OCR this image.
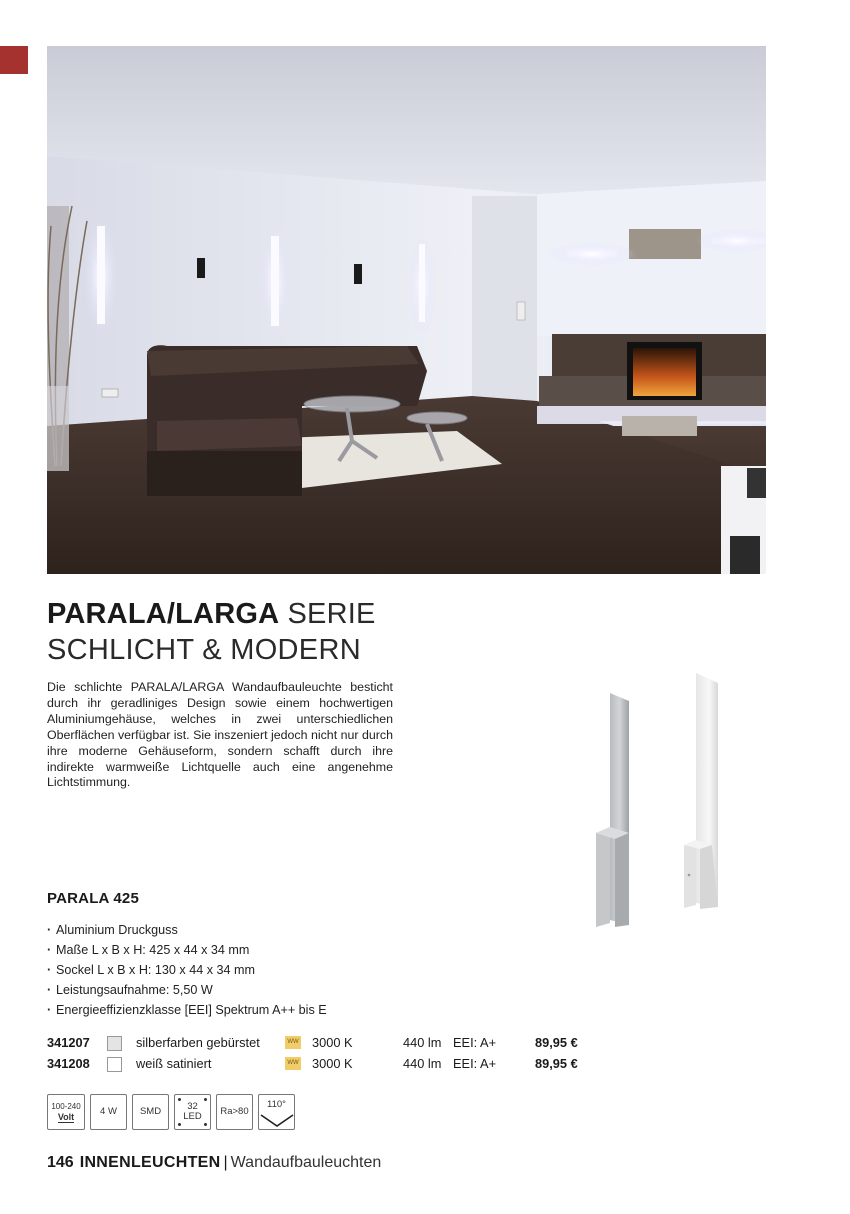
PARALA/LARGA SERIE
SCHLICHT & MODERN

Die schlichte PARALA/LARGA Wandaufbauleuchte besticht durch ihr geradliniges Design sowie einem hochwertigen Aluminiumgehäuse, welches in zwei unterschiedlichen Oberflächen verfügbar ist. Sie inszeniert jedoch nicht nur durch ihre moderne Gehäuseform, sondern schafft durch ihre indirekte warmweiße Lichtquelle auch eine angenehme Lichtstimmung.

PARALA 425
· Aluminium Druckguss
· Maße L x B x H: 425 x 44 x 34 mm
· Sockel L x B x H: 130 x 44 x 34 mm
· Leistungsaufnahme: 5,50 W
· Energieeffizienzklasse [EEI] Spektrum A++ bis E
341207	silberfarben gebürstet	WW 3000 K	440 lm EEI: A+	89,95 €
341208	weiß satiniert	WW 3000 K	440 lm EEI: A+	89,95 €
100-240
Volt	4 W SMD	32
LED Ra>80
110°
146 INNENLEUCHTEN | Wandaufbauleuchten
